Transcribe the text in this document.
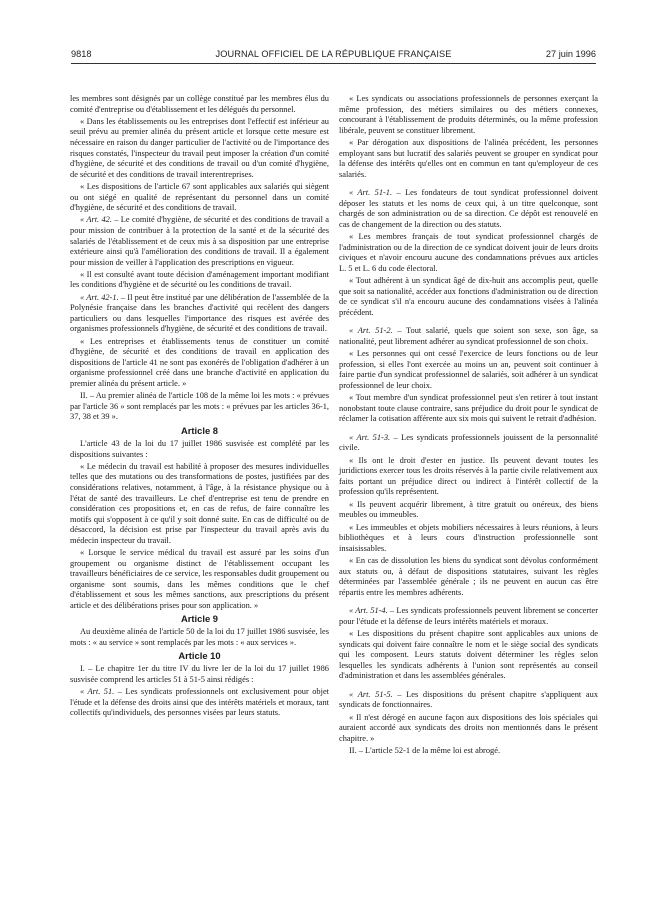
9818	JOURNAL OFFICIEL DE LA RÉPUBLIQUE FRANÇAISE	27 juin 1996

les membres sont désignés par un collège constitué par les membres élus du comité d'entreprise ou d'établissement et les délégués du personnel.

« Dans les établissements ou les entreprises dont l'effectif est inférieur au seuil prévu au premier alinéa du présent article et lorsque cette mesure est nécessaire en raison du danger particulier de l'activité ou de l'importance des risques constatés, l'inspecteur du travail peut imposer la création d'un comité d'hygiène, de sécurité et des conditions de travail ou d'un comité d'hygiène, de sécurité et des conditions de travail interentreprises.

« Les dispositions de l'article 67 sont applicables aux salariés qui siègent ou ont siégé en qualité de représentant du personnel dans un comité d'hygiène, de sécurité et des conditions de travail.

« Art. 42. – Le comité d'hygiène, de sécurité et des conditions de travail a pour mission de contribuer à la protection de la santé et de la sécurité des salariés de l'établissement et de ceux mis à sa disposition par une entreprise extérieure ainsi qu'à l'amélioration des conditions de travail. Il a également pour mission de veiller à l'application des prescriptions en vigueur.

« Il est consulté avant toute décision d'aménagement important modifiant les conditions d'hygiène et de sécurité ou les conditions de travail.

« Art. 42-1. – Il peut être institué par une délibération de l'assemblée de la Polynésie française dans les branches d'activité qui recèlent des dangers particuliers ou dans lesquelles l'importance des risques est avérée des organismes professionnels d'hygiène, de sécurité et des conditions de travail.

« Les entreprises et établissements tenus de constituer un comité d'hygiène, de sécurité et des conditions de travail en application des dispositions de l'article 41 ne sont pas exonérés de l'obligation d'adhérer à un organisme professionnel créé dans une branche d'activité en application du premier alinéa du présent article. »

II. – Au premier alinéa de l'article 108 de la même loi les mots : « prévues par l'article 36 » sont remplacés par les mots : « prévues par les articles 36-1, 37, 38 et 39 ».

Article 8

L'article 43 de la loi du 17 juillet 1986 susvisée est complété par les dispositions suivantes :

« Le médecin du travail est habilité à proposer des mesures individuelles telles que des mutations ou des transformations de postes, justifiées par des considérations relatives, notamment, à l'âge, à la résistance physique ou à l'état de santé des travailleurs. Le chef d'entreprise est tenu de prendre en considération ces propositions et, en cas de refus, de faire connaître les motifs qui s'opposent à ce qu'il y soit donné suite. En cas de difficulté ou de désaccord, la décision est prise par l'inspecteur du travail après avis du médecin inspecteur du travail.

« Lorsque le service médical du travail est assuré par les soins d'un groupement ou organisme distinct de l'établissement occupant les travailleurs bénéficiaires de ce service, les responsables dudit groupement ou organisme sont soumis, dans les mêmes conditions que le chef d'établissement et sous les mêmes sanctions, aux prescriptions du présent article et des délibérations prises pour son application. »

Article 9

Au deuxième alinéa de l'article 50 de la loi du 17 juillet 1986 susvisée, les mots : « au service » sont remplacés par les mots : « aux services ».

Article 10

I. – Le chapitre 1er du titre IV du livre Ier de la loi du 17 juillet 1986 susvisée comprend les articles 51 à 51-5 ainsi rédigés :

« Art. 51. – Les syndicats professionnels ont exclusivement pour objet l'étude et la défense des droits ainsi que des intérêts matériels et moraux, tant collectifs qu'individuels, des personnes visées par leurs statuts.

« Les syndicats ou associations professionnels de personnes exerçant la même profession, des métiers similaires ou des métiers connexes, concourant à l'établissement de produits déterminés, ou la même profession libérale, peuvent se constituer librement.

« Par dérogation aux dispositions de l'alinéa précédent, les personnes employant sans but lucratif des salariés peuvent se grouper en syndicat pour la défense des intérêts qu'elles ont en commun en tant qu'employeur de ces salariés.

« Art. 51-1. – Les fondateurs de tout syndicat professionnel doivent déposer les statuts et les noms de ceux qui, à un titre quelconque, sont chargés de son administration ou de sa direction. Ce dépôt est renouvelé en cas de changement de la direction ou des statuts.

« Les membres français de tout syndicat professionnel chargés de l'administration ou de la direction de ce syndicat doivent jouir de leurs droits civiques et n'avoir encouru aucune des condamnations prévues aux articles L. 5 et L. 6 du code électoral.

« Tout adhérent à un syndicat âgé de dix-huit ans accomplis peut, quelle que soit sa nationalité, accéder aux fonctions d'administration ou de direction de ce syndicat s'il n'a encouru aucune des condamnations visées à l'alinéa précédent.

« Art. 51-2. – Tout salarié, quels que soient son sexe, son âge, sa nationalité, peut librement adhérer au syndicat professionnel de son choix.

« Les personnes qui ont cessé l'exercice de leurs fonctions ou de leur profession, si elles l'ont exercée au moins un an, peuvent soit continuer à faire partie d'un syndicat professionnel de salariés, soit adhérer à un syndicat professionnel de leur choix.

« Tout membre d'un syndicat professionnel peut s'en retirer à tout instant nonobstant toute clause contraire, sans préjudice du droit pour le syndicat de réclamer la cotisation afférente aux six mois qui suivent le retrait d'adhésion.

« Art. 51-3. – Les syndicats professionnels jouissent de la personnalité civile.

« Ils ont le droit d'ester en justice. Ils peuvent devant toutes les juridictions exercer tous les droits réservés à la partie civile relativement aux faits portant un préjudice direct ou indirect à l'intérêt collectif de la profession qu'ils représentent.

« Ils peuvent acquérir librement, à titre gratuit ou onéreux, des biens meubles ou immeubles.

« Les immeubles et objets mobiliers nécessaires à leurs réunions, à leurs bibliothèques et à leurs cours d'instruction professionnelle sont insaisissables.

« En cas de dissolution les biens du syndicat sont dévolus conformément aux statuts ou, à défaut de dispositions statutaires, suivant les règles déterminées par l'assemblée générale ; ils ne peuvent en aucun cas être répartis entre les membres adhérents.

« Art. 51-4. – Les syndicats professionnels peuvent librement se concerter pour l'étude et la défense de leurs intérêts matériels et moraux.

« Les dispositions du présent chapitre sont applicables aux unions de syndicats qui doivent faire connaître le nom et le siège social des syndicats qui les composent. Leurs statuts doivent déterminer les règles selon lesquelles les syndicats adhérents à l'union sont représentés au conseil d'administration et dans les assemblées générales.

« Art. 51-5. – Les dispositions du présent chapitre s'appliquent aux syndicats de fonctionnaires.

« Il n'est dérogé en aucune façon aux dispositions des lois spéciales qui auraient accordé aux syndicats des droits non mentionnés dans le présent chapitre. »

II. – L'article 52-1 de la même loi est abrogé.
